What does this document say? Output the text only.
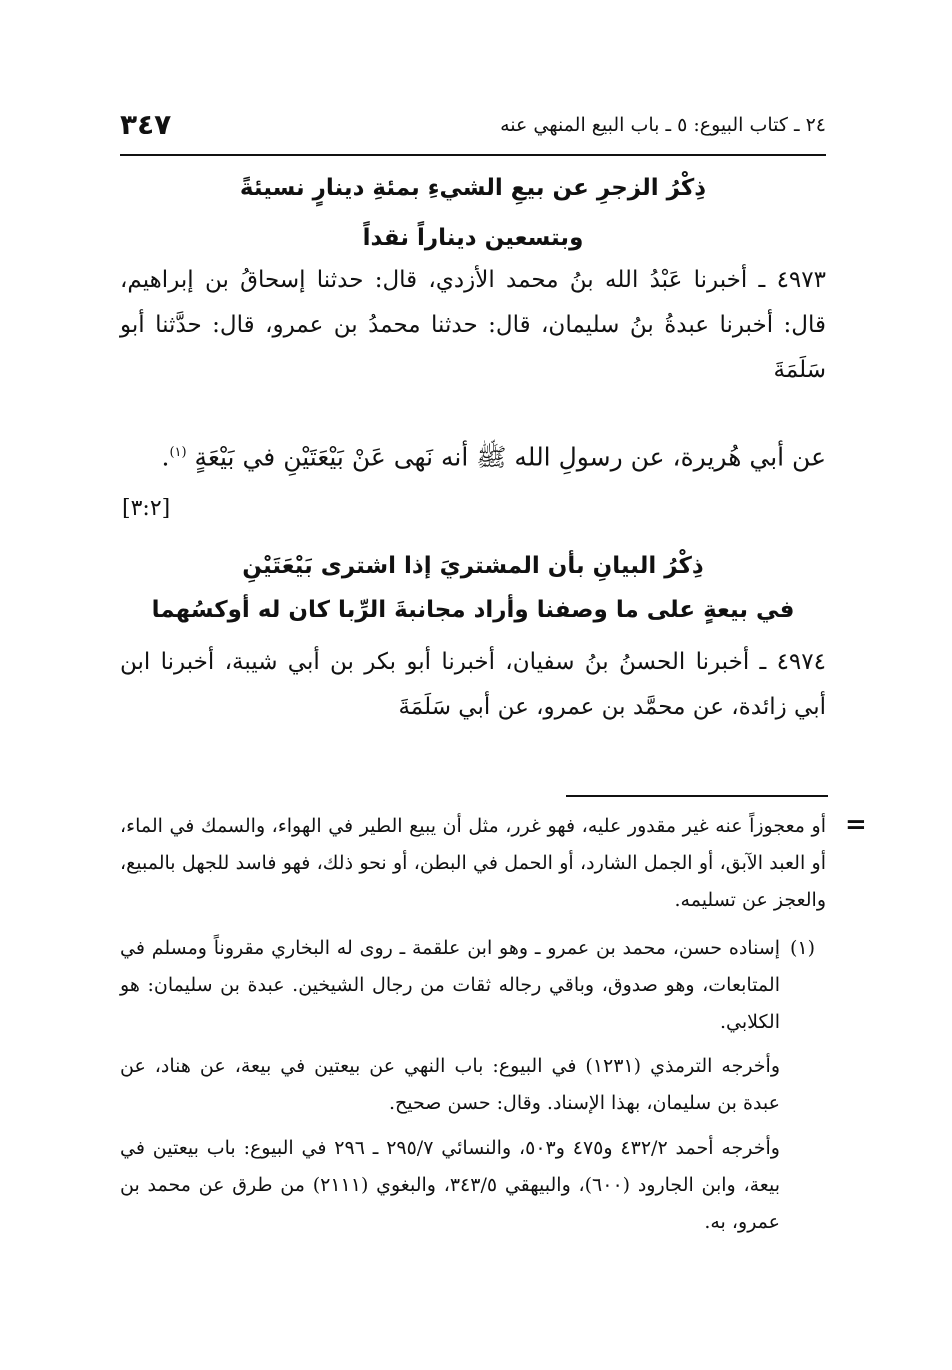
٣٤٧	٢٤ ـ كتاب البيوع: ٥ ـ باب البيع المنهي عنه
ذِكْرُ الزجرِ عن بيعِ الشيءِ بمئةِ دينارٍ نسيئةً
وبتسعين ديناراً نقداً

٤٩٧٣ ـ أخبرنا عَبْدُ الله بنُ محمد الأزدي، قال: حدثنا إسحاقُ بن إبراهيم، قال: أخبرنا عبدةُ بنُ سليمان، قال: حدثنا محمدُ بن عمرو، قال: حدَّثنا أبو سَلَمَةَ

عن أبي هُريرة، عن رسولِ الله ﷺ أنه نَهى عَنْ بَيْعَتَيْنِ في بَيْعَةٍ $^{(١)}$.

[٣:٢]
ذِكْرُ البيانِ بأن المشتريَ إذا اشترى بَيْعَتَيْنِ
في بيعةٍ على ما وصفنا وأراد مجانبةَ الرِّبا كان له أوكسُهما

٤٩٧٤ ـ أخبرنا الحسنُ بنُ سفيان، أخبرنا أبو بكر بن أبي شيبة، أخبرنا ابن أبي زائدة، عن محمَّد بن عمرو، عن أبي سَلَمَةَ

=

أو معجوزاً عنه غير مقدور عليه، فهو غرر، مثل أن يبيع الطير في الهواء، والسمك في الماء، أو العبد الآبق، أو الجمل الشارد، أو الحمل في البطن، أو نحو ذلك، فهو فاسد للجهل بالمبيع، والعجز عن تسليمه.

(١)

إسناده حسن، محمد بن عمرو ـ وهو ابن علقمة ـ روى له البخاري مقروناً ومسلم في المتابعات، وهو صدوق، وباقي رجاله ثقات من رجال الشيخين. عبدة بن سليمان: هو الكلابي.

وأخرجه الترمذي (١٢٣١) في البيوع: باب النهي عن بيعتين في بيعة، عن هناد، عن عبدة بن سليمان، بهذا الإسناد. وقال: حسن صحيح.

وأخرجه أحمد ٤٣٢/٢ و٤٧٥ و٥٠٣، والنسائي ٢٩٥/٧ ـ ٢٩٦ في البيوع: باب بيعتين في بيعة، وابن الجارود (٦٠٠)، والبيهقي ٣٤٣/٥، والبغوي (٢١١١) من طرق عن محمد بن عمرو، به.
